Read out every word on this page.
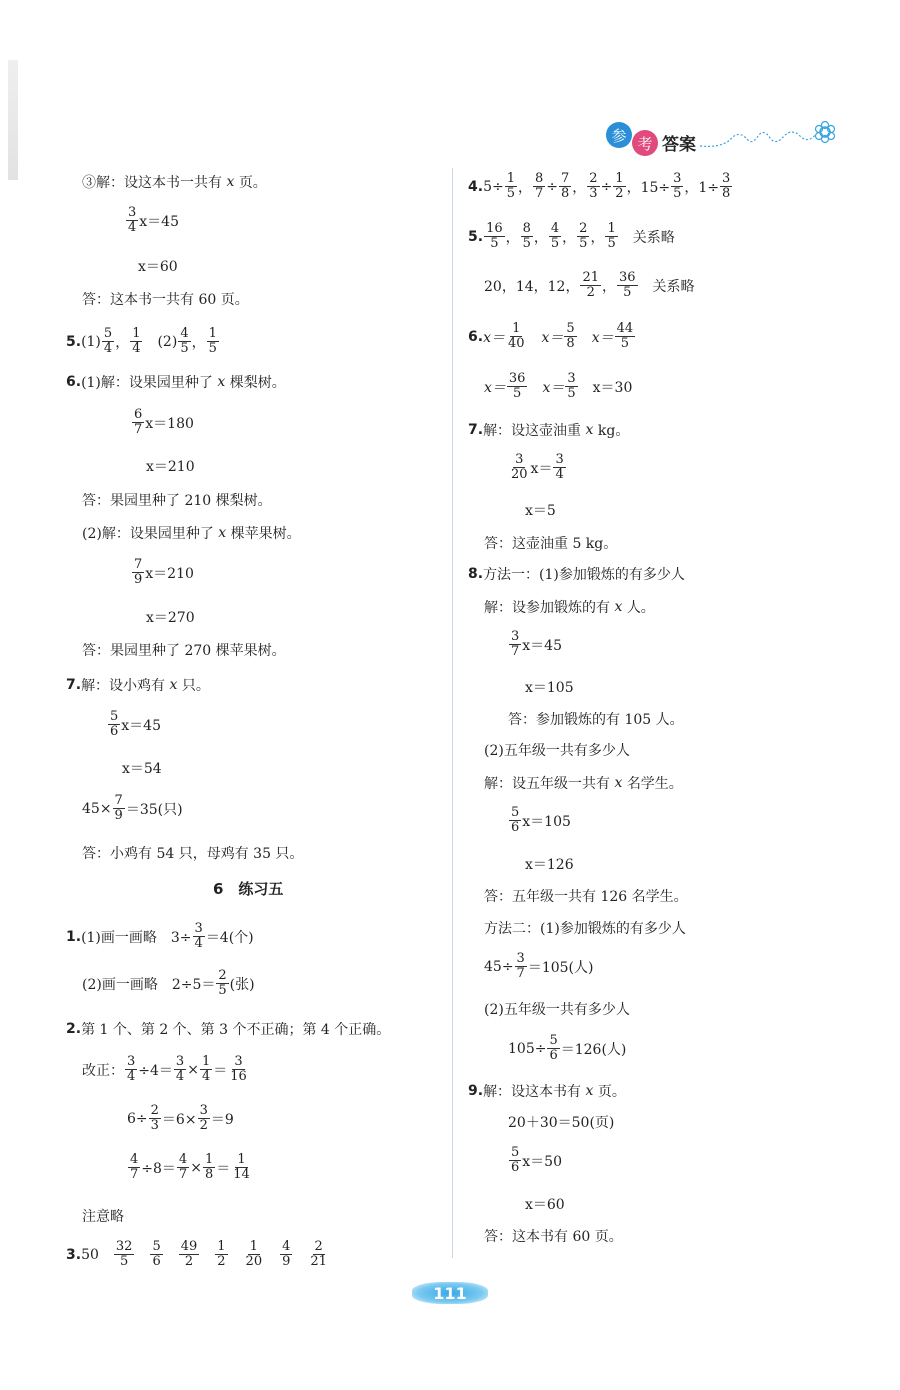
参 考 答案
③解：设这本书一共有
x
页。
3
4 x＝45
x＝60
答：这本书一共有 60 页。
5. (1) 5
4 ，
1
4 (2) 4
5 ，
1
5
6. (1)解：设果园里种了
x
棵梨树。
6
7 x＝180
x＝210
答：果园里种了 210 棵梨树。
(2)解：设果园里种了
x
棵苹果树。
7
9 x＝210
x＝270
答：果园里种了 270 棵苹果树。
7. 解：设小鸡有
x
只。
5
6 x＝45
x＝54
$45\times \frac{7}{9} =35$(只)
答：小鸡有 54 只，母鸡有 35 只。
6　练习五
1. (1)画一画略　$3\div \frac{3}{4} =4$(个)
(2)画一画略　2÷5＝
2
5 (张)
2. 第 1 个、第 2 个、第 3 个不正确；第 4 个正确。
改正： $\frac{3}{4} \div 4= \frac{3}{4} \times \frac{1}{4}$ ＝
3
16
$6\div \frac{2}{3} =6\times \frac{3}{2} =9$
$\frac{4}{7} \div 8= \frac{4}{7} \times \frac{1}{8}$ ＝
1
14
注意略
3. 50 32
5
5
6
49
2
1
2
1
20
4
9
2
21
4. $5\div \frac{1}{5}$ ， $\frac{8}{7} \div \frac{7}{8}$ ， $\frac{2}{3} \div \frac{1}{2}$ ，$15\div \frac{3}{5}$ ，$1\div \frac{3}{8}$
5. 16
5 ，
8
5 ，
4
5 ，
2
5 ，
1
5 关系略
20，14，12，
21
2 ，
36
5 关系略
6. x＝
1
40 x＝
5
8 x＝
44
5
x＝
36
5 x＝
3
5 x＝30
7. 解：设这壶油重
x
kg。
3
20 x＝
3
4
x＝5
答：这壶油重 5 kg。
8. 方法一：(1)参加锻炼的有多少人
解：设参加锻炼的有
x
人。
3
7 x＝45
x＝105
答：参加锻炼的有 105 人。
(2)五年级一共有多少人
解：设五年级一共有
x
名学生。
5
6 x＝105
x＝126
答：五年级一共有 126 名学生。
方法二：(1)参加锻炼的有多少人
$45\div \frac{3}{7} =105$(人)
(2)五年级一共有多少人
$105\div \frac{5}{6} =126$(人)
9. 解：设这本书有
x
页。
20＋30＝50(页)
5
6 x＝50
x＝60
答：这本书有 60 页。
111
